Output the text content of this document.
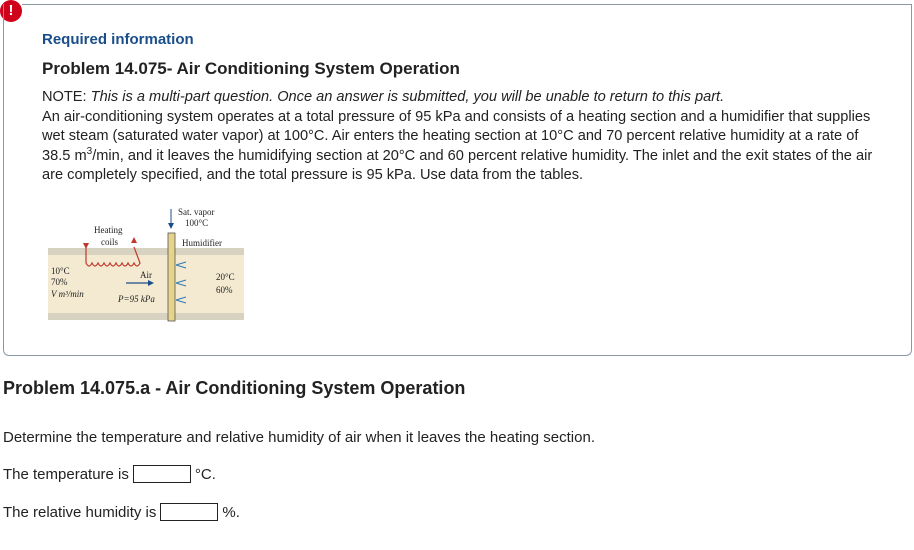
!
Required information
Problem 14.075- Air Conditioning System Operation
NOTE: This is a multi-part question. Once an answer is submitted, you will be unable to return to this part.
An air-conditioning system operates at a total pressure of 95 kPa and consists of a heating section and a humidifier that supplies wet steam (saturated water vapor) at 100°C. Air enters the heating section at 10°C and 70 percent relative humidity at a rate of 38.5 $m^3/\min$, and it leaves the humidifying section at 20°C and 60 percent relative humidity. The inlet and the exit states of the air are completely specified, and the total pressure is 95 kPa. Use data from the tables.
Sat. vapor
100°C
Heating
coils	Humidifier
10°C
70%
V m³/min
Air
P=95 kPa
20°C
60%
Problem 14.075.a - Air Conditioning System Operation
Determine the temperature and relative humidity of air when it leaves the heating section.
The temperature is	°C.
The relative humidity is	%.
